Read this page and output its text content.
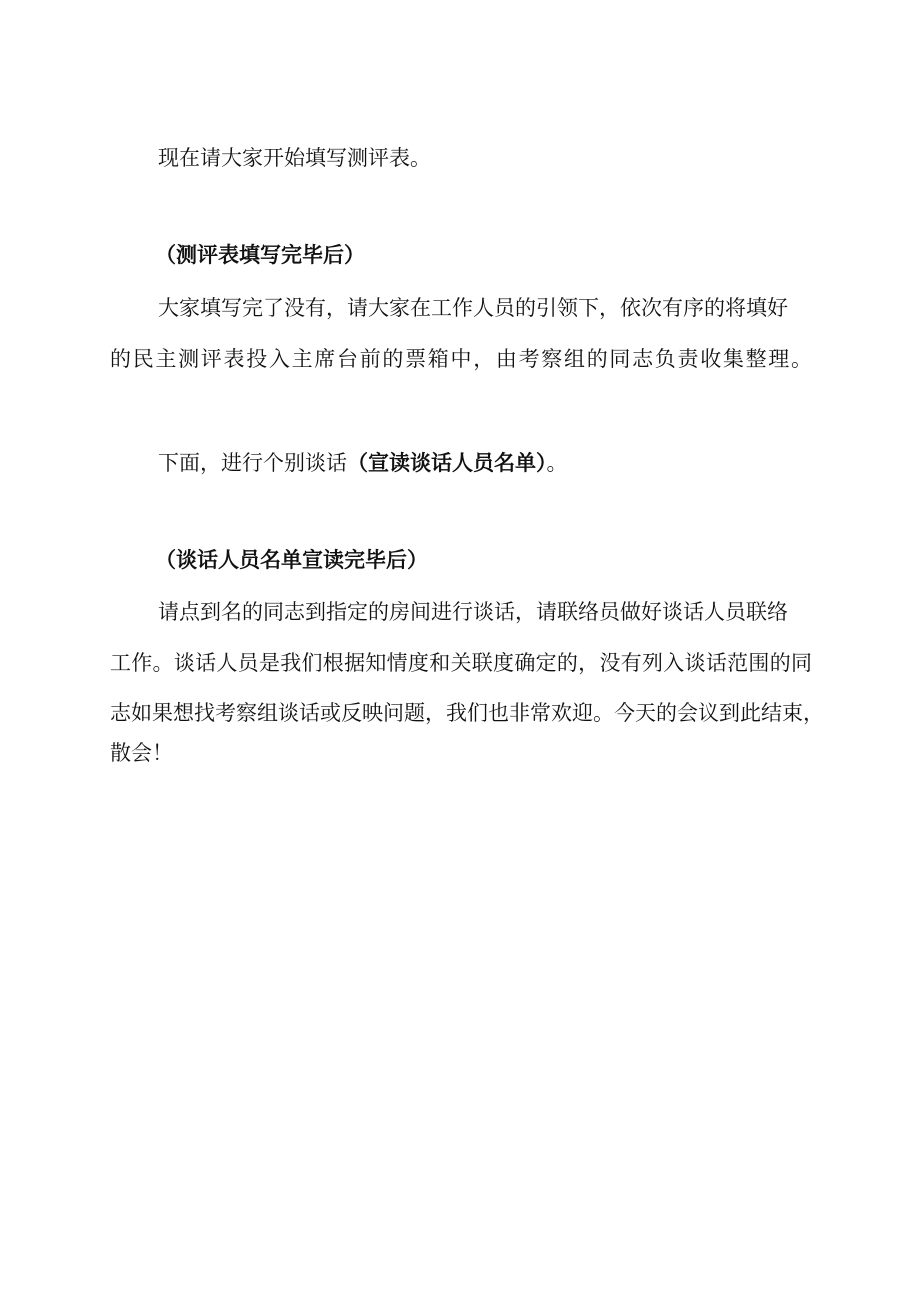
现在请大家开始填写测评表。

（测评表填写完毕后）

大家填写完了没有，请大家在工作人员的引领下，依次有序的将填好

的民主测评表投入主席台前的票箱中，由考察组的同志负责收集整理。

下面，进行个别谈话（宣读谈话人员名单）。

（谈话人员名单宣读完毕后）

请点到名的同志到指定的房间进行谈话，请联络员做好谈话人员联络

工作。谈话人员是我们根据知情度和关联度确定的，没有列入谈话范围的同

志如果想找考察组谈话或反映问题，我们也非常欢迎。今天的会议到此结束，

散会！
